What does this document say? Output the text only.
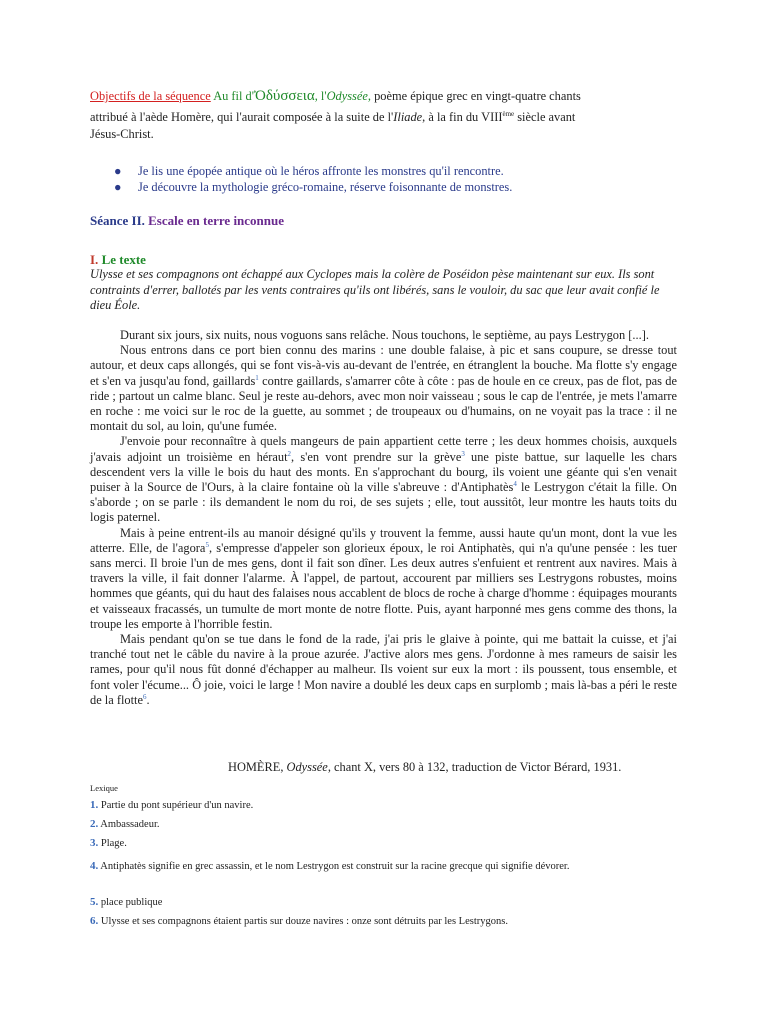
Objectifs de la séquence Au fil d'Ὀδύσσεια, l'Odyssée, poème épique grec en vingt-quatre chants
attribué à l'aède Homère, qui l'aurait composée à la suite de l'Iliade, à la fin du VIIIème siècle avant
Jésus-Christ.
● Je lis une épopée antique où le héros affronte les monstres qu'il rencontre.
● Je découvre la mythologie gréco-romaine, réserve foisonnante de monstres.
Séance II. Escale en terre inconnue
I. Le texte
Ulysse et ses compagnons ont échappé aux Cyclopes mais la colère de Poséidon pèse maintenant sur eux. Ils sont contraints d'errer, ballotés par les vents contraires qu'ils ont libérés, sans le vouloir, du sac que leur avait confié le dieu Éole.

Durant six jours, six nuits, nous voguons sans relâche. Nous touchons, le septième, au pays Lestrygon [...].

Nous entrons dans ce port bien connu des marins : une double falaise, à pic et sans coupure, se dresse tout autour, et deux caps allongés, qui se font vis-à-vis au-devant de l'entrée, en étranglent la bouche. Ma flotte s'y engage et s'en va jusqu'au fond, gaillards$^1$ contre gaillards, s'amarrer côte à côte : pas de houle en ce creux, pas de flot, pas de ride ; partout un calme blanc. Seul je reste au-dehors, avec mon noir vaisseau ; sous le cap de l'entrée, je mets l'amarre en roche : me voici sur le roc de la guette, au sommet ; de troupeaux ou d'humains, on ne voyait pas la trace : il ne montait du sol, au loin, qu'une fumée.

J'envoie pour reconnaître à quels mangeurs de pain appartient cette terre ; les deux hommes choisis, auxquels j'avais adjoint un troisième en héraut$^2$, s'en vont prendre sur la grève$^3$ une piste battue, sur laquelle les chars descendent vers la ville le bois du haut des monts. En s'approchant du bourg, ils voient une géante qui s'en venait puiser à la Source de l'Ours, à la claire fontaine où la ville s'abreuve : d'Antiphatès$^4$ le Lestrygon c'était la fille. On s'aborde ; on se parle : ils demandent le nom du roi, de ses sujets ; elle, tout aussitôt, leur montre les hauts toits du logis paternel.

Mais à peine entrent-ils au manoir désigné qu'ils y trouvent la femme, aussi haute qu'un mont, dont la vue les atterre. Elle, de l'agora$^5$, s'empresse d'appeler son glorieux époux, le roi Antiphatès, qui n'a qu'une pensée : les tuer sans merci. Il broie l'un de mes gens, dont il fait son dîner. Les deux autres s'enfuient et rentrent aux navires. Mais à travers la ville, il fait donner l'alarme. À l'appel, de partout, accourent par milliers ses Lestrygons robustes, moins hommes que géants, qui du haut des falaises nous accablent de blocs de roche à charge d'homme : équipages mourants et vaisseaux fracassés, un tumulte de mort monte de notre flotte. Puis, ayant harponné mes gens comme des thons, la troupe les emporte à l'horrible festin.

Mais pendant qu'on se tue dans le fond de la rade, j'ai pris le glaive à pointe, qui me battait la cuisse, et j'ai tranché tout net le câble du navire à la proue azurée. J'active alors mes gens. J'ordonne à mes rameurs de saisir les rames, pour qu'il nous fût donné d'échapper au malheur. Ils voient sur eux la mort : ils poussent, tous ensemble, et font voler l'écume... Ô joie, voici le large ! Mon navire a doublé les deux caps en surplomb ; mais là-bas a péri le reste de la flotte$^6$.

HOMÈRE, Odyssée, chant X, vers 80 à 132, traduction de Victor Bérard, 1931.
Lexique
1. Partie du pont supérieur d'un navire.
2. Ambassadeur.
3. Plage.
4. Antiphatès signifie en grec assassin, et le nom Lestrygon est construit sur la racine grecque qui signifie dévorer.
5. place publique
6. Ulysse et ses compagnons étaient partis sur douze navires : onze sont détruits par les Lestrygons.
